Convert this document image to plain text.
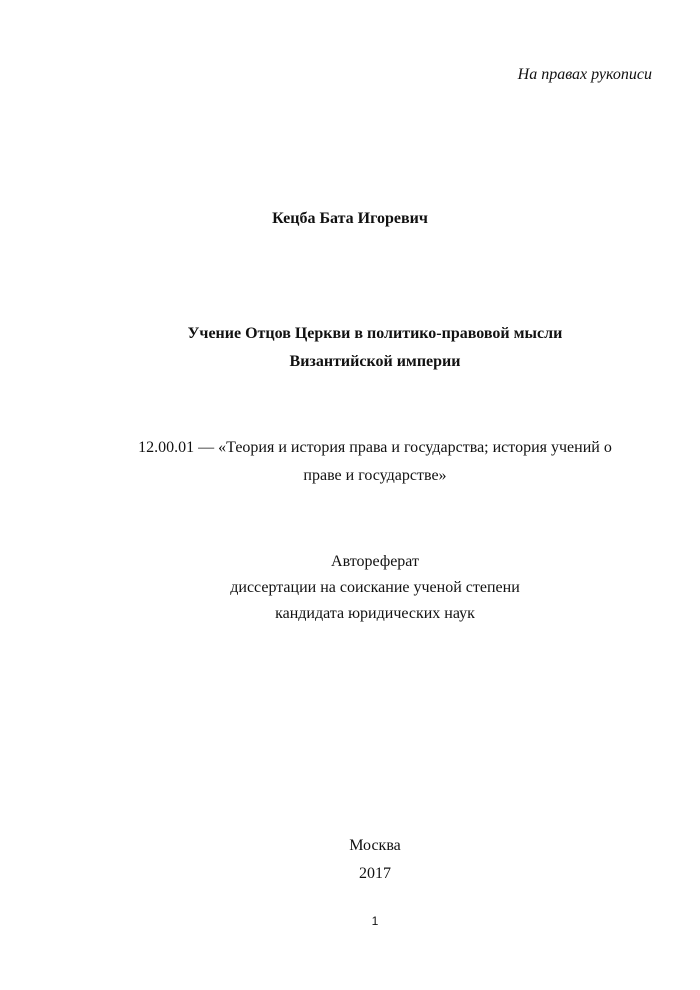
На правах рукописи
Кецба Бата Игоревич
Учение Отцов Церкви в политико-правовой мысли
Византийской империи
12.00.01 — «Теория и история права и государства; история учений о
праве и государстве»
Автореферат
диссертации на соискание ученой степени
кандидата юридических наук
Москва
2017
1
